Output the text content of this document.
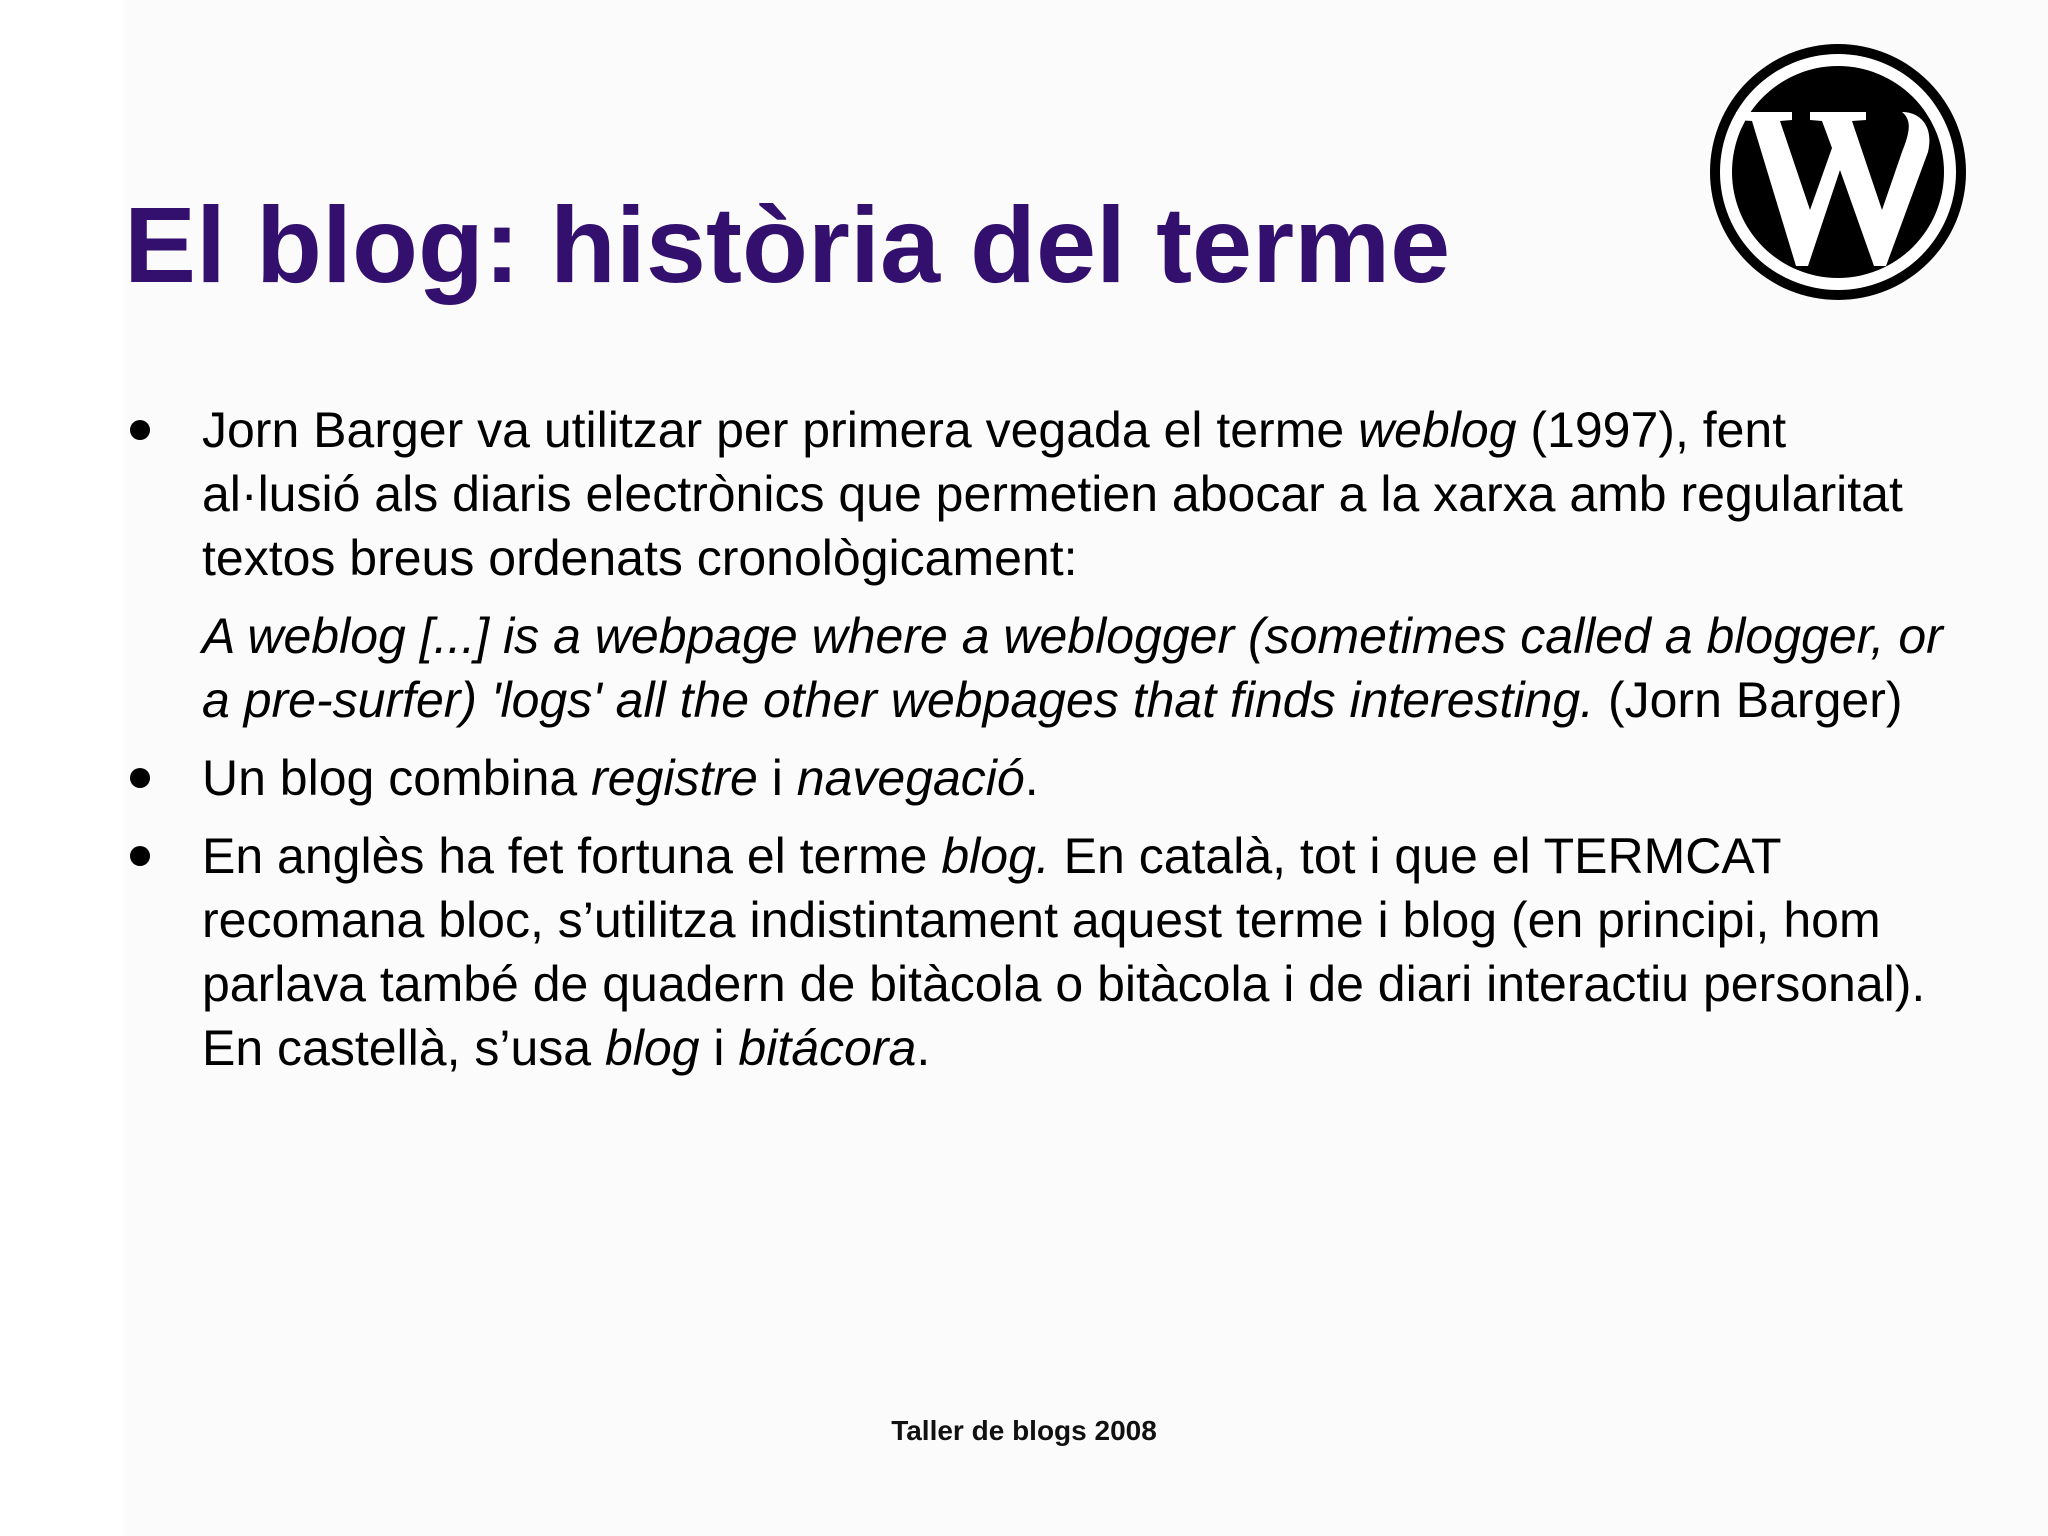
El blog: història del terme
Jorn Barger va utilitzar per primera vegada el terme weblog (1997), fent al·lusió als diaris electrònics que permetien abocar a la xarxa amb regularitat textos breus ordenats cronològicament:
A weblog [...] is a webpage where a weblogger (sometimes called a blogger, or a pre-surfer) 'logs' all the other webpages that finds interesting. (Jorn Barger)
Un blog combina registre i navegació.
En anglès ha fet fortuna el terme blog. En català, tot i que el TERMCAT recomana bloc, s’utilitza indistintament aquest terme i blog (en principi, hom parlava també de quadern de bitàcola o bitàcola i de diari interactiu personal). En castellà, s’usa blog i bitácora.
Taller de blogs 2008
